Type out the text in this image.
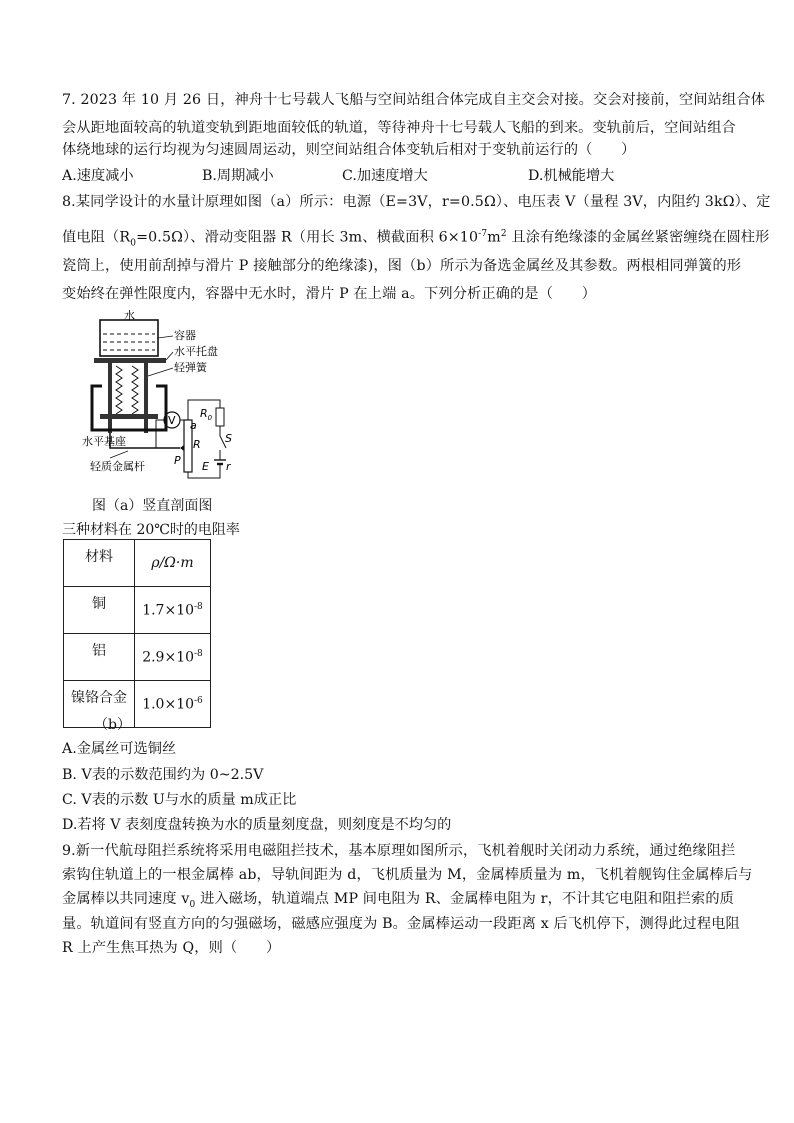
7. 2023 年 10 月 26 日，神舟十七号载人飞船与空间站组合体完成自主交会对接。交会对接前，空间站组合体
会从距地面较高的轨道变轨到距地面较低的轨道，等待神舟十七号载人飞船的到来。变轨前后，空间站组合
体绕地球的运行均视为匀速圆周运动，则空间站组合体变轨后相对于变轨前运行的（　　）
A.速度减小	B.周期减小	C.加速度增大	D.机械能增大
8.某同学设计的水量计原理如图（a）所示：电源（E=3V，r=0.5Ω）、电压表 V（量程 3V，内阻约 3kΩ）、定
值电阻$(R_0=0.5\Omega)$、滑动变阻器 R（用长 3m、横截面积 $6\times 10^{-7}m^2$ 且涂有绝缘漆的金属丝紧密缠绕在圆柱形
瓷筒上，使用前刮掉与滑片 P 接触部分的绝缘漆)，图（b）所示为备选金属丝及其参数。两根相同弹簧的形
变始终在弹性限度内，容器中无水时，滑片 P 在上端 a。下列分析正确的是（　　）
水
容器
水平托盘
轻弹簧
水平基座
轻质金属杆
a
R
P
V
$R_0$
S
E r
图（a）竖直剖面图
三种材料在 20℃时的电阻率
材料	ρ/Ω·m
铜	$1.7\times 10^{-8}$
铝	$2.9\times 10^{-8}$
镍铬合金	$1.0\times 10^{-6}$
（b）
A.金属丝可选铜丝
B. V表的示数范围约为 0~2.5V
C. V表的示数 U与水的质量 m成正比
D.若将 V 表刻度盘转换为水的质量刻度盘，则刻度是不均匀的
9.新一代航母阻拦系统将采用电磁阻拦技术，基本原理如图所示，飞机着舰时关闭动力系统，通过绝缘阻拦
索钩住轨道上的一根金属棒 ab，导轨间距为 d，飞机质量为 M，金属棒质量为 m，飞机着舰钩住金属棒后与
金属棒以共同速度 $v_0$ 进入磁场，轨道端点 MP 间电阻为 R、金属棒电阻为 r，不计其它电阻和阻拦索的质
量。轨道间有竖直方向的匀强磁场，磁感应强度为 B。金属棒运动一段距离 x 后飞机停下，测得此过程电阻
R 上产生焦耳热为 Q，则（　　）
